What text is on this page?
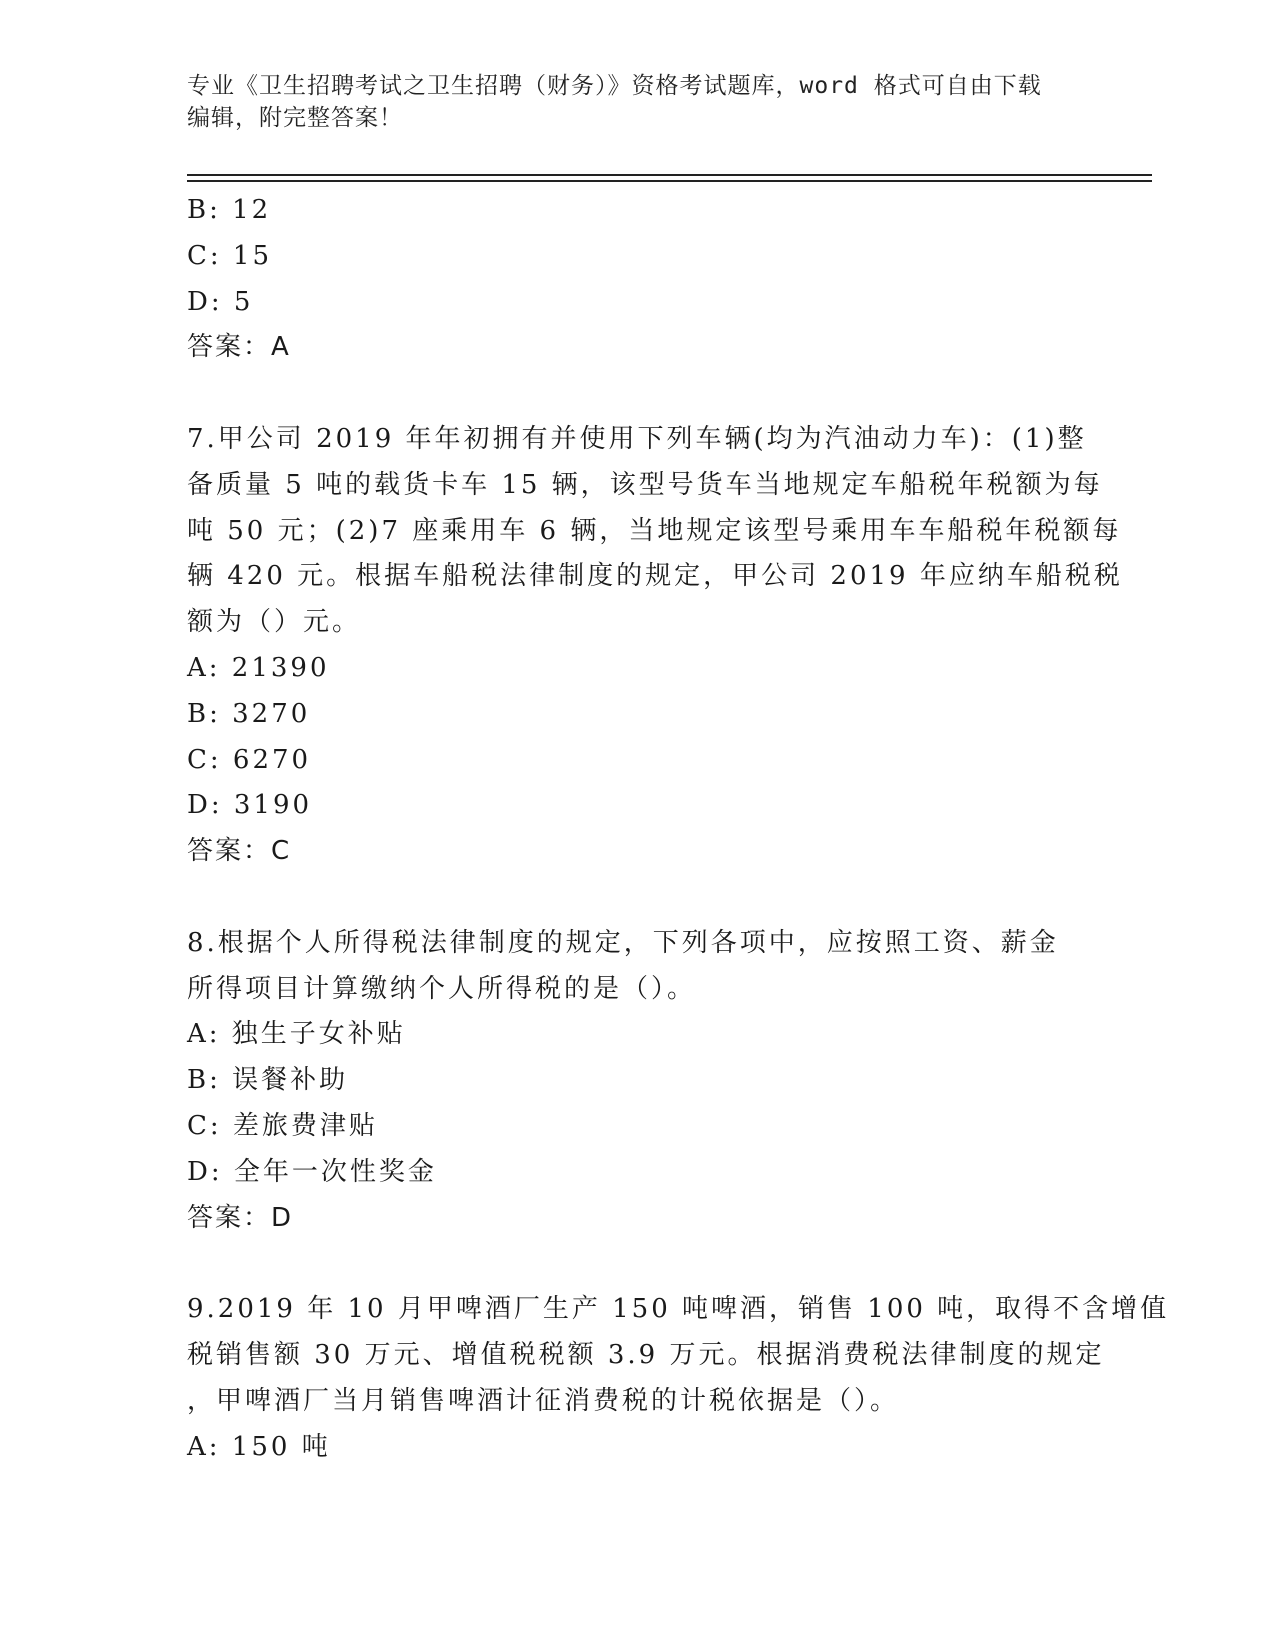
专业《卫生招聘考试之卫生招聘（财务）》资格考试题库，word 格式可自由下载
编辑，附完整答案！

B: 12

C: 15

D: 5

答案：A

7.甲公司 2019 年年初拥有并使用下列车辆(均为汽油动力车)：(1)整

备质量 5 吨的载货卡车 15 辆，该型号货车当地规定车船税年税额为每

吨 50 元；(2)7 座乘用车 6 辆，当地规定该型号乘用车车船税年税额每

辆 420 元。根据车船税法律制度的规定，甲公司 2019 年应纳车船税税

额为（）元。

A: 21390

B: 3270

C: 6270

D: 3190

答案：C

8.根据个人所得税法律制度的规定，下列各项中，应按照工资、薪金

所得项目计算缴纳个人所得税的是（）。

A: 独生子女补贴

B: 误餐补助

C: 差旅费津贴

D: 全年一次性奖金

答案：D

9.2019 年 10 月甲啤酒厂生产 150 吨啤酒，销售 100 吨，取得不含增值

税销售额 30 万元、增值税税额 3.9 万元。根据消费税法律制度的规定

，甲啤酒厂当月销售啤酒计征消费税的计税依据是（）。

A: 150 吨
